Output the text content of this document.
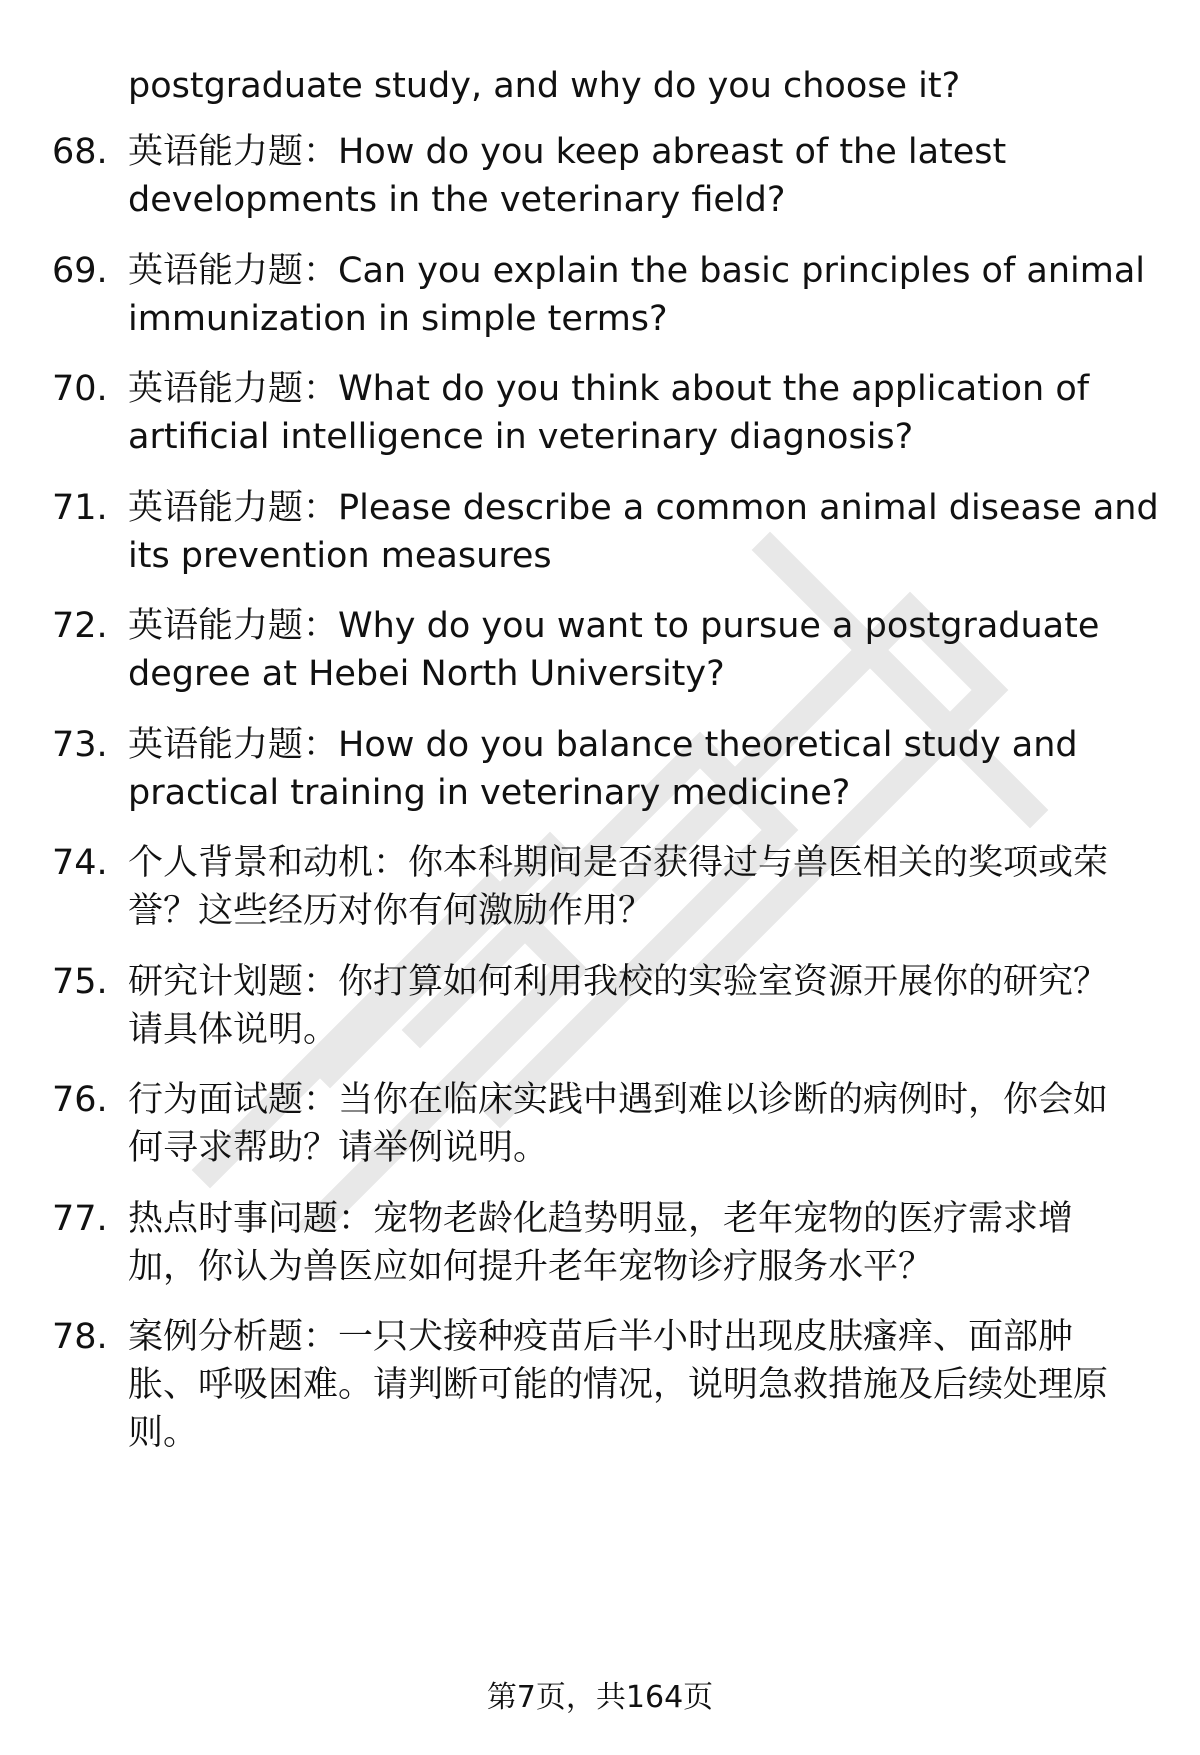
postgraduate study, and why do you choose it?
68. 英语能力题：How do you keep abreast of the latest
developments in the veterinary field?
69. 英语能力题：Can you explain the basic principles of animal
immunization in simple terms?
70. 英语能力题：What do you think about the application of
artificial intelligence in veterinary diagnosis?
71. 英语能力题：Please describe a common animal disease and
its prevention measures
72. 英语能力题：Why do you want to pursue a postgraduate
degree at Hebei North University?
73. 英语能力题：How do you balance theoretical study and
practical training in veterinary medicine?
74. 个人背景和动机：你本科期间是否获得过与兽医相关的奖项或荣
誉？这些经历对你有何激励作用？
75. 研究计划题：你打算如何利用我校的实验室资源开展你的研究？
请具体说明。
76. 行为面试题：当你在临床实践中遇到难以诊断的病例时，你会如
何寻求帮助？请举例说明。
77. 热点时事问题：宠物老龄化趋势明显，老年宠物的医疗需求增
加，你认为兽医应如何提升老年宠物诊疗服务水平？
78. 案例分析题：一只犬接种疫苗后半小时出现皮肤瘙痒、面部肿
胀、呼吸困难。请判断可能的情况，说明急救措施及后续处理原
则。
第7页，共164页
